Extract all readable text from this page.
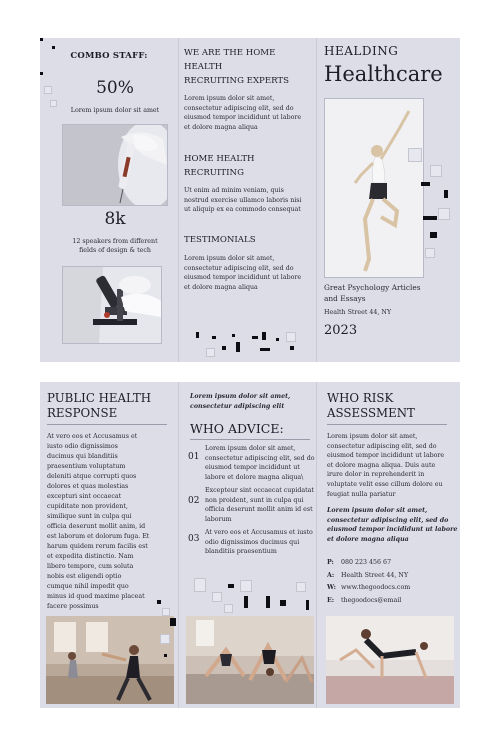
COMBO STAFF:
50%
Lorem ipsum dolor sit amet
8k
12 speakers from different
fields of design & tech
WE ARE THE HOME
HEALTH
RECRUITING EXPERTS
Lorem ipsum dolor sit amet,
consectetur adipiscing elit, sed do
eiusmod tempor incididunt ut labore
et dolore magna aliqua
HOME HEALTH
RECRUITING
Ut enim ad minim veniam, quis
nostrud exercise ullamco laboris nisi
ut aliquip ex ea commodo consequat
TESTIMONIALS
Lorem ipsum dolor sit amet,
consectetur adipiscing elit, sed do
eiusmod tempor incididunt ut labore
et dolore magna aliqua
HEALDING
Healthcare
Great Psychology Articles
and Essays
Health Street 44, NY
2023
PUBLIC HEALTH
RESPONSE
At vero eos et Accusamus et
iusto odio dignissimos
ducimus qui blanditiis
praesentium voluptatum
deleniti atque corrupti quos
dolores et quas molestias
excepturi sint occaecat
cupiditate non provident,
similique sunt in culpa qui
officia deserunt mollit anim, id
est laborum et dolorum fuga. Et
harum quidem rerum facilis est
et expedita distinctio. Nam
libero tempore, cum soluta
nobis est eligendi optio
cumque nihil impedit quo
minus id quod maxime placeat
facere possimus
Lorem ipsum dolor sit amet,
consectetur adipiscing elit
WHO ADVICE:
01
Lorem ipsum dolor sit amet,
consectetur adipiscing elit, sed do
eiusmod tempor incididunt ut
labore et dolore magna aliqua\
02
Excepteur sint occaecat cupidatat
non proident, sunt in culpa qui
officia deserunt mollit anim id est
laborum
03
At vero eos et Accusamus et iusto
odio dignissimos ducimus qui
blanditiis praesentium
WHO RISK
ASSESSMENT
Lorem ipsum dolor sit amet,
consectetur adipiscing elit, sed do
eiusmod tempor incididunt ut labore
et dolore magna aliqua. Duis aute
irure dolor in reprehenderit in
voluptate velit esse cillum dolore eu
feugiat nulla pariatur
Lorem ipsum dolor sit amet,
consectetur adipiscing elit, sed do
eiusmod tempor incididunt ut labore
et dolore magna aliqua
P: 080 223 456 67
A: Health Street 44, NY
W: www.thegoodocs.com
E: thegoodocs@email
